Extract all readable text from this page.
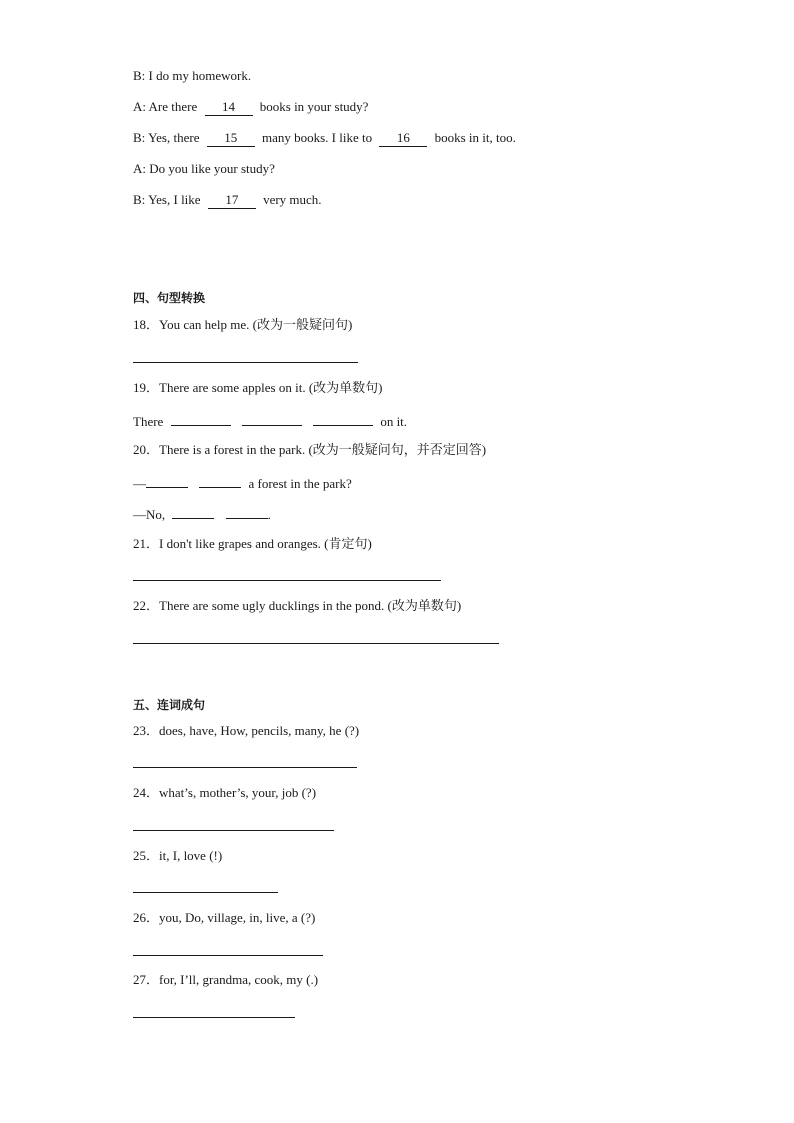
B: I do my homework.
A: Are there 14 books in your study?
B: Yes, there 15 many books. I like to 16 books in it, too.
A: Do you like your study?
B: Yes, I like 17 very much.
四、句型转换
18．You can help me. (改为一般疑问句)
19．There are some apples on it. (改为单数句)
There	on it.
20．There is a forest in the park. (改为一般疑问句，并否定回答)
—	a forest in the park?
—No,	.
21．I don't like grapes and oranges. (肯定句)
22．There are some ugly ducklings in the pond. (改为单数句)
五、连词成句
23．does, have, How, pencils, many, he (?)
24．what’s, mother’s, your, job (?)
25．it, I, love (!)
26．you, Do, village, in, live, a (?)
27．for, I’ll, grandma, cook, my (.)
